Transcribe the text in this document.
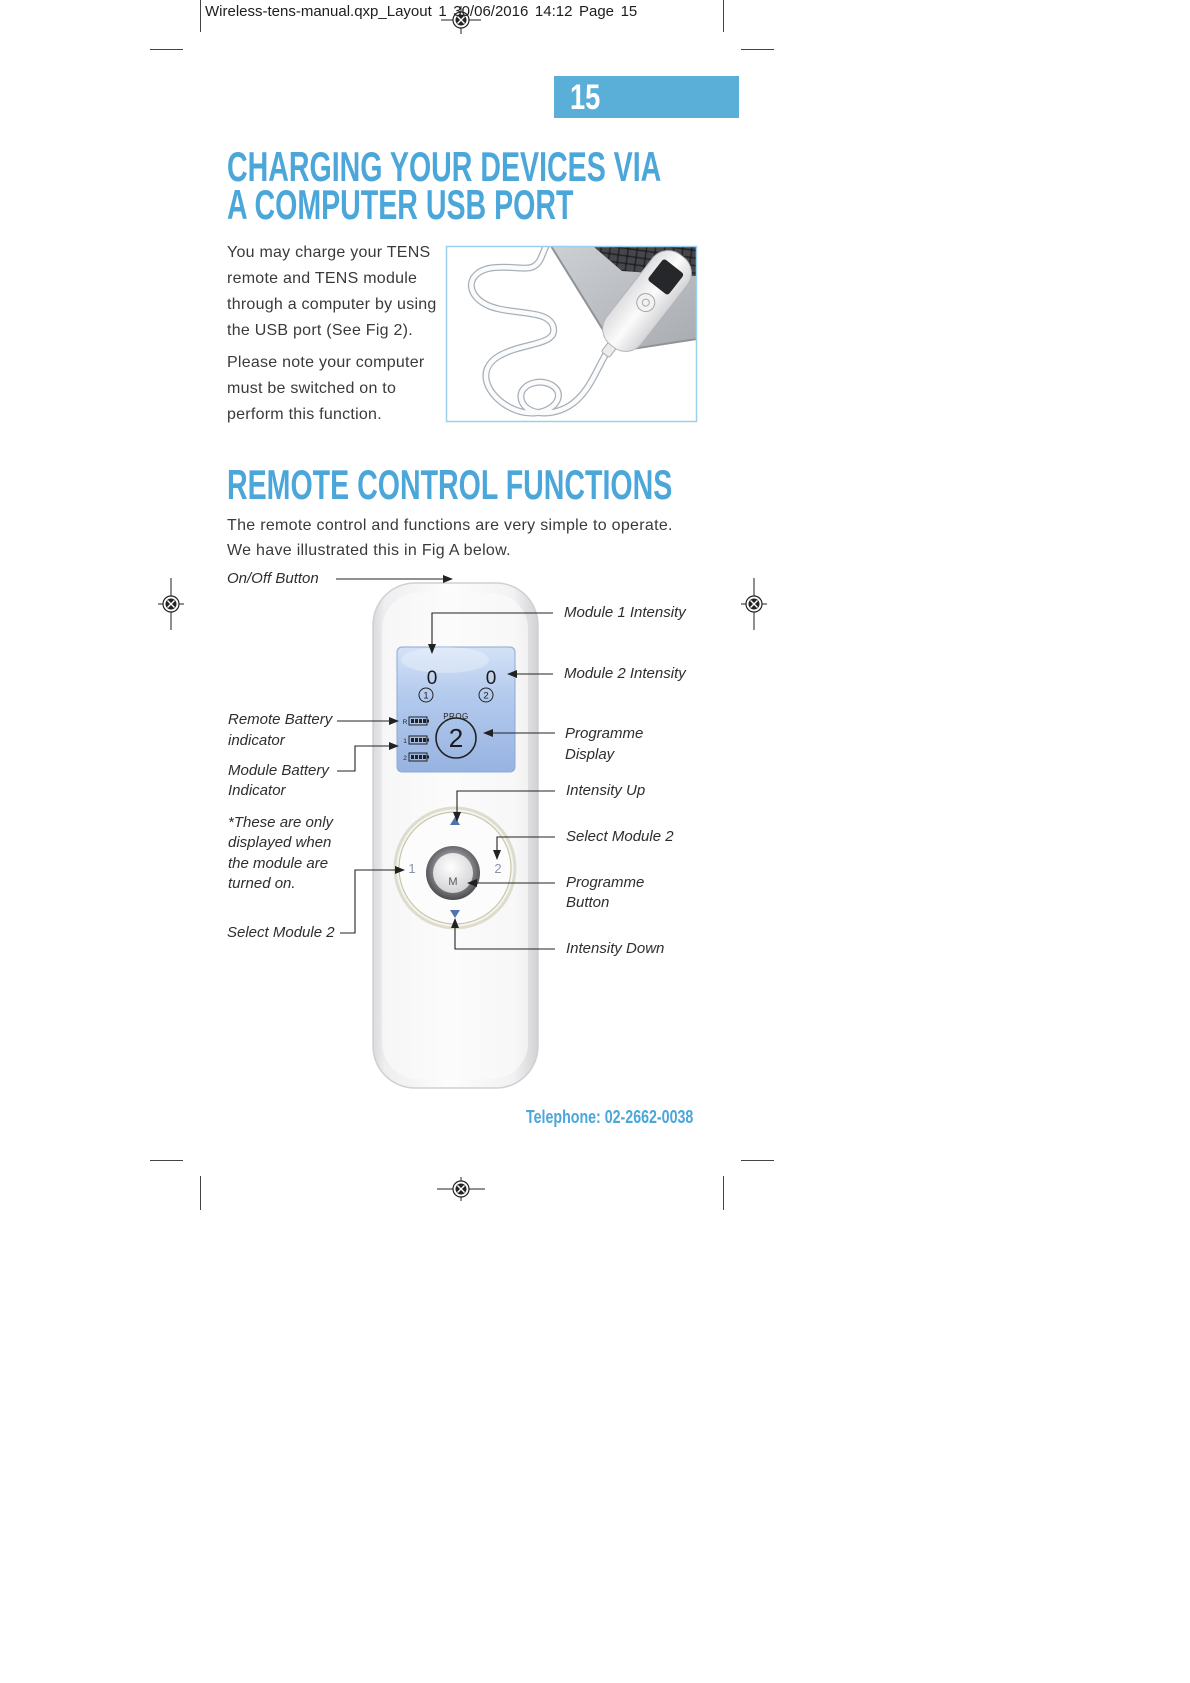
0	0
1	2
PROG
2
R
1
2
1	2
M
Wireless-tens-manual.qxp_Layout 1 30/06/2016 14:12 Page 15
15
CHARGING YOUR DEVICES VIA
A COMPUTER USB PORT
You may charge your TENS
remote and TENS module
through a computer by using
the USB port (See Fig 2).
Please note your computer
must be switched on to
perform this function.
REMOTE CONTROL FUNCTIONS
The remote control and functions are very simple to operate.
We have illustrated this in Fig A below.
On/Off Button
Module 1 Intensity
Module 2 Intensity
Remote Battery
indicator
Module Battery
Indicator
*These are only
displayed when
the module are
turned on.
Select Module 2
Programme
Display
Intensity Up
Select Module 2
Programme
Button
Intensity Down
Telephone: 02-2662-0038
